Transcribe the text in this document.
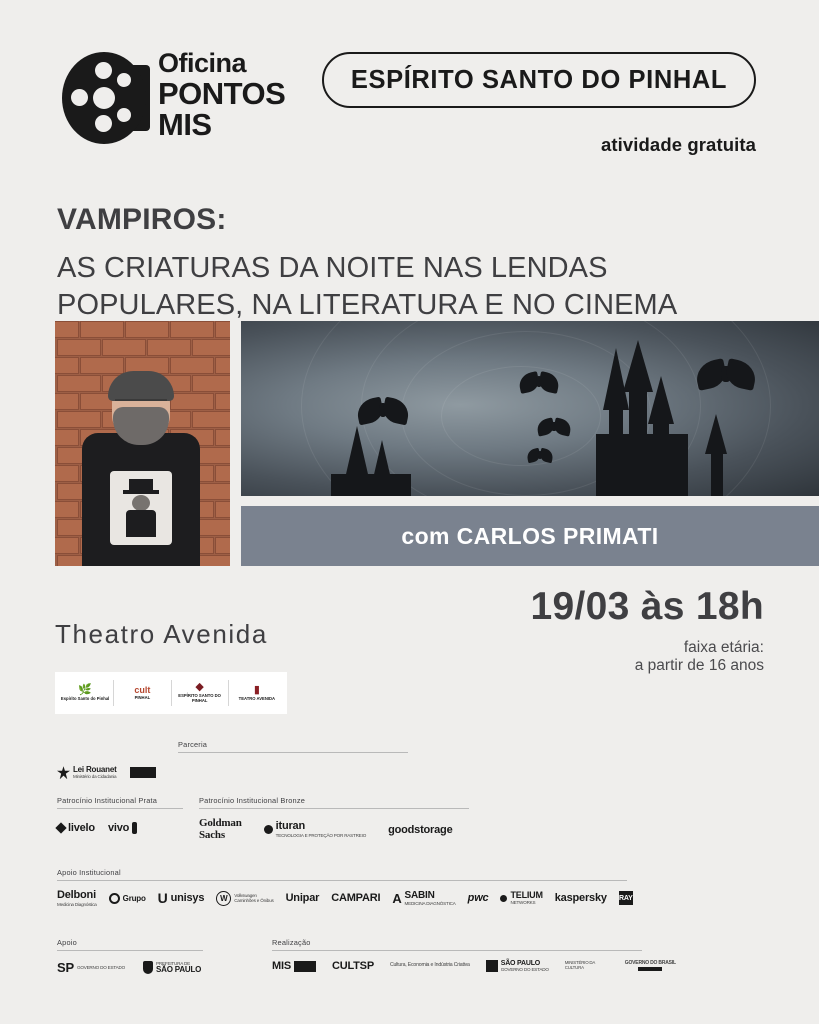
Oficina
PONTOS
MIS
ESPÍRITO SANTO DO PINHAL
atividade gratuita
VAMPIROS:
AS CRIATURAS DA NOITE NAS LENDAS POPULARES, NA LITERATURA E NO CINEMA
com CARLOS PRIMATI
Theatro Avenida
19/03 às 18h
faixa etária:
a partir de 16 anos
🌿
Espírito Santo do Pinhal
cult
PINHAL
◆
ESPÍRITO SANTO DO PINHAL
▮
TEATRO AVENIDA
Parceria
Lei Rouanet
Ministério da Cidadania
Patrocínio Institucional Prata
livelo vivo
Patrocínio Institucional Bronze
Goldman
Sachs
ituran
TECNOLOGIA E PROTEÇÃO POR RASTREIO goodstorage
Apoio Institucional
Delboni
Medicina Diagnóstica
Grupo U unisys	W	Volkswagen
Caminhões e Ônibus Unipar CAMPARI A SABIN
MEDICINA DIAGNÓSTICA pwc TELIUM
NETWORKS	kaspersky RAY
Apoio
SP GOVERNO DO ESTADO
PREFEITURA DE
SÃO PAULO
Realização
MIS	CULTSP	Cultura, Economia e Indústria Criativa	SÃO PAULO
GOVERNO DO ESTADO
MINISTÉRIO DA CULTURA
GOVERNO DO BRASIL
